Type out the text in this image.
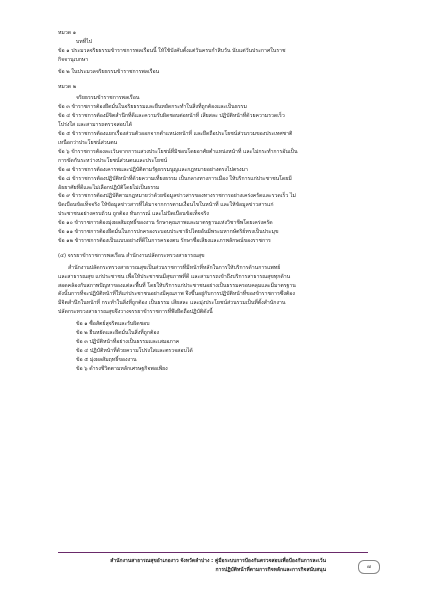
หมวด ๑

บทที่ไป

ข้อ ๑ ประมวลจริยธรรมข้าราชการพลเรือนนี้ ให้ใช้บังคับตั้งแต่วันครบกำสิบวัน นับแต่วันประกาศในราช

กิจจานุเบกษา

ข้อ ๒ ในประมวลจริยธรรมข้าราชการพลเรือน

หมวด ๒

จริยธรรมข้าราชการพลเรือน

ข้อ ๓ ข้าราชการต้องยึดมั่นในจริยธรรมและยืนหยัดกระทำในสิ่งที่ถูกต้องและเป็นธรรม

ข้อ ๔ ข้าราชการต้องมีจิตสำนึกที่ดีและความรับผิดชอบต่อหน้าที่ เสียสละ ปฏิบัติหน้าที่ด้วยความรวดเร็ว

โปร่งใส และสามารถตรวจสอบได้

ข้อ ๕ ข้าราชการต้องแยกเรื่องส่วนตัวออกจากตำแหน่งหน้าที่ และยึดถือประโยชน์ส่วนรวมของประเทศชาติ

เหนือกว่าประโยชน์ส่วนตน

ข้อ ๖ ข้าราชการต้องละเว้นจากการแสวงประโยชน์ที่มิชอบโดยอาศัยตำแหน่งหน้าที่ และไม่กระทำการอันเป็น

การขัดกันระหว่างประโยชน์ส่วนตนและประโยชน์

ข้อ ๗ ข้าราชการต้องเคารพและปฏิบัติตามรัฐธรรมนูญและกฎหมายอย่างตรงไปตรงมา

ข้อ ๘ ข้าราชการต้องปฏิบัติหน้าที่ด้วยความเที่ยงธรรม เป็นกลางทางการเมือง ให้บริการแก่ประชาชนโดยมี

อัธยาศัยที่ดีและไม่เลือกปฏิบัติโดยไม่เป็นธรรม

ข้อ ๙ ข้าราชการต้องปฏิบัติตามกฎหมายว่าด้วยข้อมูลข่าวสารของทางราชการอย่างเคร่งครัดและรวดเร็ว ไม่

บิดเบือนข้อเท็จจริง ให้ข้อมูลข่าวสารที่ได้มาจากการตามเงื่อนไขในหน้าที่ และให้ข้อมูลข่าวสารแก่

ประชาชนอย่างครบถ้วน ถูกต้อง ทันการณ์ และไม่บิดเบือนข้อเท็จจริง

ข้อ ๑๐ ข้าราชการต้องมุ่งผลสัมฤทธิ์ของงาน รักษาคุณภาพและมาตรฐานแห่งวิชาชีพโดยเคร่งครัด

ข้อ ๑๑ ข้าราชการต้องยึดมั่นในการปกครองระบอบประชาธิปไตยอันมีพระมหากษัตริย์ทรงเป็นประมุข

ข้อ ๑๒ ข้าราชการต้องเป็นแบบอย่างที่ดีในการครองตน รักษาชื่อเสียงและภาพลักษณ์ของราชการ

(๔) จรรยาข้าราชการพลเรือน สำนักงานปลัดกระทรวงสาธารณสุข

สำนักงานปลัดกระทรวงสาธารณสุขเป็นส่วนราชการที่มีหน้าที่หลักในการให้บริการด้านการแพทย์

และสาธารณสุข แก่ประชาชน เพื่อให้ประชาชนมีสุขภาพที่ดี และสามารถเข้าถึงบริการสาธารณสุขทุกด้าน

สอดคล้องกับสภาพปัญหาของแต่ละพื้นที่ โดยให้บริการแก่ประชาชนอย่างเป็นธรรมครอบคลุมและมีมาตรฐาน

ดังนั้นการที่จะปฏิบัติหน้าที่ให้แก่ประชาชนอย่างมีคุณภาพ จึงขึ้นอยู่กับการปฏิบัติหน้าที่ของข้าราชการซึ่งต้อง

มีจิตสำนึกในหน้าที่ กระทำในสิ่งที่ถูกต้อง เป็นธรรม เสียสละ และมุ่งประโยชน์ส่วนรวมเป็นที่ตั้งสำนักงาน

ปลัดกระทรวงสาธารณสุขจึงวางจรรยาข้าราชการที่พึงยึดถือปฏิบัติดังนี้

ข้อ ๑ ซื่อสัตย์สุจริตและรับผิดชอบ

ข้อ ๒ ยืนหยัดและยึดมั่นในสิ่งที่ถูกต้อง

ข้อ ๓ ปฏิบัติหน้าที่อย่างเป็นธรรมและเสมอภาค

ข้อ ๔ ปฏิบัติหน้าที่ด้วยความโปร่งใสและตรวจสอบได้

ข้อ ๕ มุ่งผลสัมฤทธิ์ของงาน

ข้อ ๖ ดำรงชีวิตตามหลักเศรษฐกิจพอเพียง

สำนักงานสาธารณสุขอำเภองาว จังหวัดลำปาง : คู่มือระบบการป้องกันตรวจสอบเพื่อป้องกันการละเว้น
การปฏิบัติหน้าที่ตามการกิจหลักและการกิจสนับสนุน	๗
